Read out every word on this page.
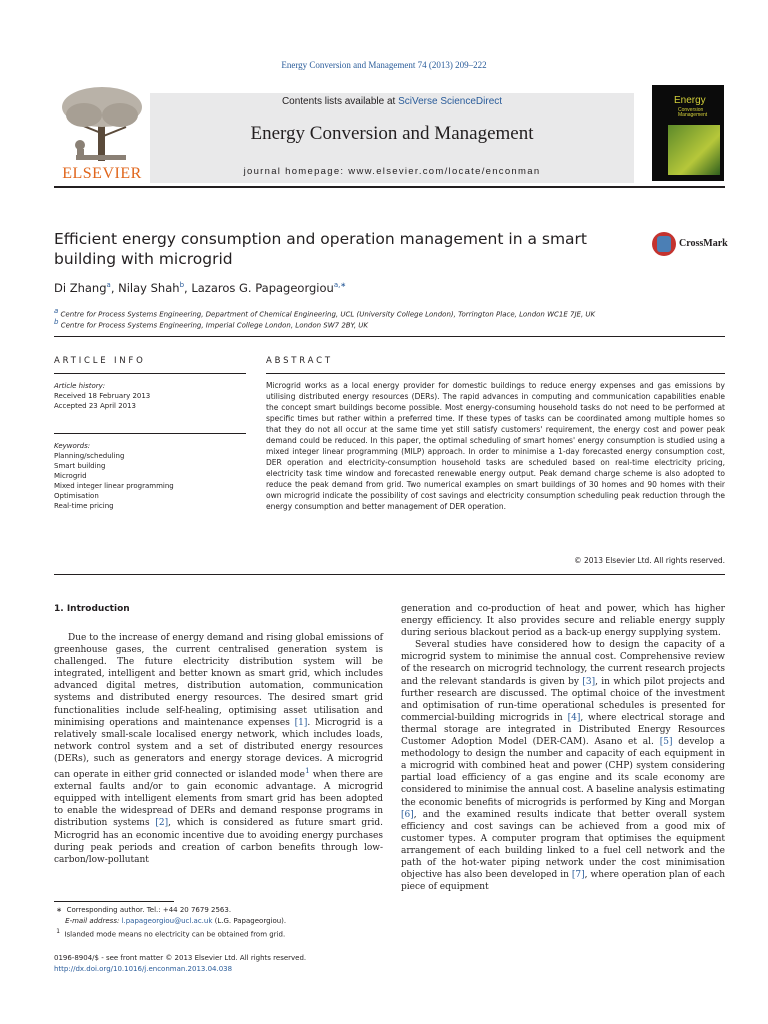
Energy Conversion and Management 74 (2013) 209–222
ELSEVIER
Contents lists available at SciVerse ScienceDirect
Energy Conversion and Management
journal homepage: www.elsevier.com/locate/enconman
Energy
Conversion
Management
Efficient energy consumption and operation management in a smart
building with microgrid
CrossMark
Di Zhang$^a$, Nilay Shah$^b$, Lazaros G. Papageorgiou$^{a,∗}$
$^a$ Centre for Process Systems Engineering, Department of Chemical Engineering, UCL (University College London), Torrington Place, London WC1E 7JE, UK
$^b$ Centre for Process Systems Engineering, Imperial College London, London SW7 2BY, UK
ARTICLE INFO	ABSTRACT
Article history:
Received 18 February 2013
Accepted 23 April 2013
Keywords:
Planning/scheduling
Smart building
Microgrid
Mixed integer linear programming
Optimisation
Real-time pricing
Microgrid works as a local energy provider for domestic buildings to reduce energy expenses and gas emissions by utilising distributed energy resources (DERs). The rapid advances in computing and communication capabilities enable the concept smart buildings become possible. Most energy-consuming household tasks do not need to be performed at specific times but rather within a preferred time. If these types of tasks can be coordinated among multiple homes so that they do not all occur at the same time yet still satisfy customers' requirement, the energy cost and power peak demand could be reduced. In this paper, the optimal scheduling of smart homes' energy consumption is studied using a mixed integer linear programming (MILP) approach. In order to minimise a 1-day forecasted energy consumption cost, DER operation and electricity-consumption household tasks are scheduled based on real-time electricity pricing, electricity task time window and forecasted renewable energy output. Peak demand charge scheme is also adopted to reduce the peak demand from grid. Two numerical examples on smart buildings of 30 homes and 90 homes with their own microgrid indicate the possibility of cost savings and electricity consumption scheduling peak reduction through the energy consumption and better management of DER operation.
© 2013 Elsevier Ltd. All rights reserved.
1. Introduction

Due to the increase of energy demand and rising global emissions of greenhouse gases, the current centralised generation system is challenged. The future electricity distribution system will be integrated, intelligent and better known as smart grid, which includes advanced digital metres, distribution automation, communication systems and distributed energy resources. The desired smart grid functionalities include self-healing, optimising asset utilisation and minimising operations and maintenance expenses [1]. Microgrid is a relatively small-scale localised energy network, which includes loads, network control system and a set of distributed energy resources (DERs), such as generators and energy storage devices. A microgrid can operate in either grid connected or islanded mode$^1$ when there are external faults and/or to gain economic advantage. A microgrid equipped with intelligent elements from smart grid has been adopted to enable the widespread of DERs and demand response programs in distribution systems [2], which is considered as future smart grid. Microgrid has an economic incentive due to avoiding energy purchases during peak periods and creation of carbon benefits through low-carbon/low-pollutant

generation and co-production of heat and power, which has higher energy efficiency. It also provides secure and reliable energy supply during serious blackout period as a back-up energy supplying system.

Several studies have considered how to design the capacity of a microgrid system to minimise the annual cost. Comprehensive review of the research on microgrid technology, the current research projects and the relevant standards is given by [3], in which pilot projects and further research are discussed. The optimal choice of the investment and optimisation of run-time operational schedules is presented for commercial-building microgrids in [4], where electrical storage and thermal storage are integrated in Distributed Energy Resources Customer Adoption Model (DER-CAM). Asano et al. [5] develop a methodology to design the number and capacity of each equipment in a microgrid with combined heat and power (CHP) system considering partial load efficiency of a gas engine and its scale economy are considered to minimise the annual cost. A baseline analysis estimating the economic benefits of microgrids is performed by King and Morgan [6], and the examined results indicate that better overall system efficiency and cost savings can be achieved from a good mix of customer types. A computer program that optimises the equipment arrangement of each building linked to a fuel cell network and the path of the hot-water piping network under the cost minimisation objective has also been developed in [7], where operation plan of each piece of equipment

∗ Corresponding author. Tel.: +44 20 7679 2563.
E-mail address: l.papageorgiou@ucl.ac.uk (L.G. Papageorgiou).
$^1$ Islanded mode means no electricity can be obtained from grid.
0196-8904/$ - see front matter © 2013 Elsevier Ltd. All rights reserved.
http://dx.doi.org/10.1016/j.enconman.2013.04.038
